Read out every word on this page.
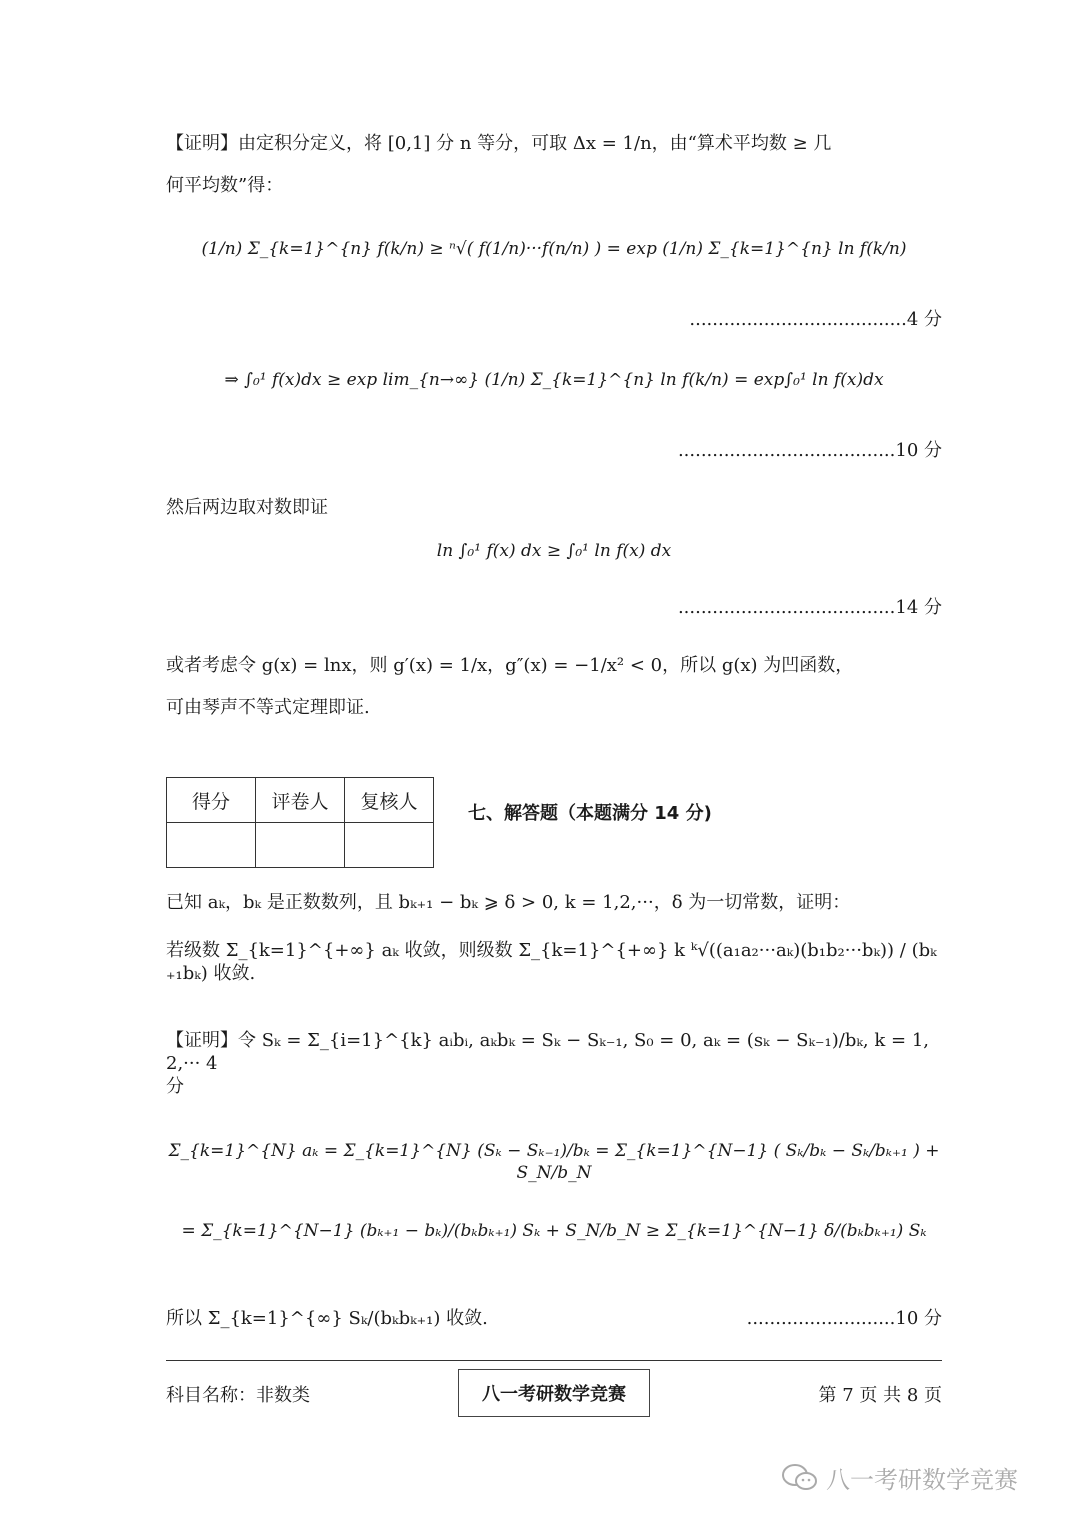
【证明】由定积分定义，将 [0,1] 分 n 等分，可取 Δx = 1/n，由“算术平均数 ≥ 几
何平均数”得：
(1/n) Σ_{k=1}^{n} f(k/n) ≥ ⁿ√( f(1/n)···f(n/n) ) = exp (1/n) Σ_{k=1}^{n} ln f(k/n)
......................................4 分
⇒ ∫₀¹ f(x)dx ≥ exp lim_{n→∞} (1/n) Σ_{k=1}^{n} ln f(k/n) = exp∫₀¹ ln f(x)dx
......................................10 分
然后两边取对数即证
ln ∫₀¹ f(x) dx ≥ ∫₀¹ ln f(x) dx
......................................14 分
或者考虑令 g(x) = lnx，则 g′(x) = 1/x，g″(x) = −1/x² < 0，所以 g(x) 为凹函数，
可由琴声不等式定理即证.
得分	评卷人	复核人

七、解答题（本题满分 14 分)
已知 aₖ，bₖ 是正数数列，且 bₖ₊₁ − bₖ ⩾ δ > 0, k = 1,2,···，δ 为一切常数，证明：
若级数 Σ_{k=1}^{+∞} aₖ 收敛，则级数 Σ_{k=1}^{+∞} k ᵏ√((a₁a₂···aₖ)(b₁b₂···bₖ)) / (bₖ₊₁bₖ) 收敛.
【证明】令 Sₖ = Σ_{i=1}^{k} aᵢbᵢ, aₖbₖ = Sₖ − Sₖ₋₁, S₀ = 0, aₖ = (sₖ − Sₖ₋₁)/bₖ, k = 1,2,··· 4
分
Σ_{k=1}^{N} aₖ = Σ_{k=1}^{N} (Sₖ − Sₖ₋₁)/bₖ = Σ_{k=1}^{N−1} ( Sₖ/bₖ − Sₖ/bₖ₊₁ ) + S_N/b_N
= Σ_{k=1}^{N−1} (bₖ₊₁ − bₖ)/(bₖbₖ₊₁) Sₖ + S_N/b_N ≥ Σ_{k=1}^{N−1} δ/(bₖbₖ₊₁) Sₖ
所以 Σ_{k=1}^{∞} Sₖ/(bₖbₖ₊₁) 收敛.	..........................10 分
科目名称：非数类	八一考研数学竞赛	第 7 页 共 8 页
八一考研数学竞赛
